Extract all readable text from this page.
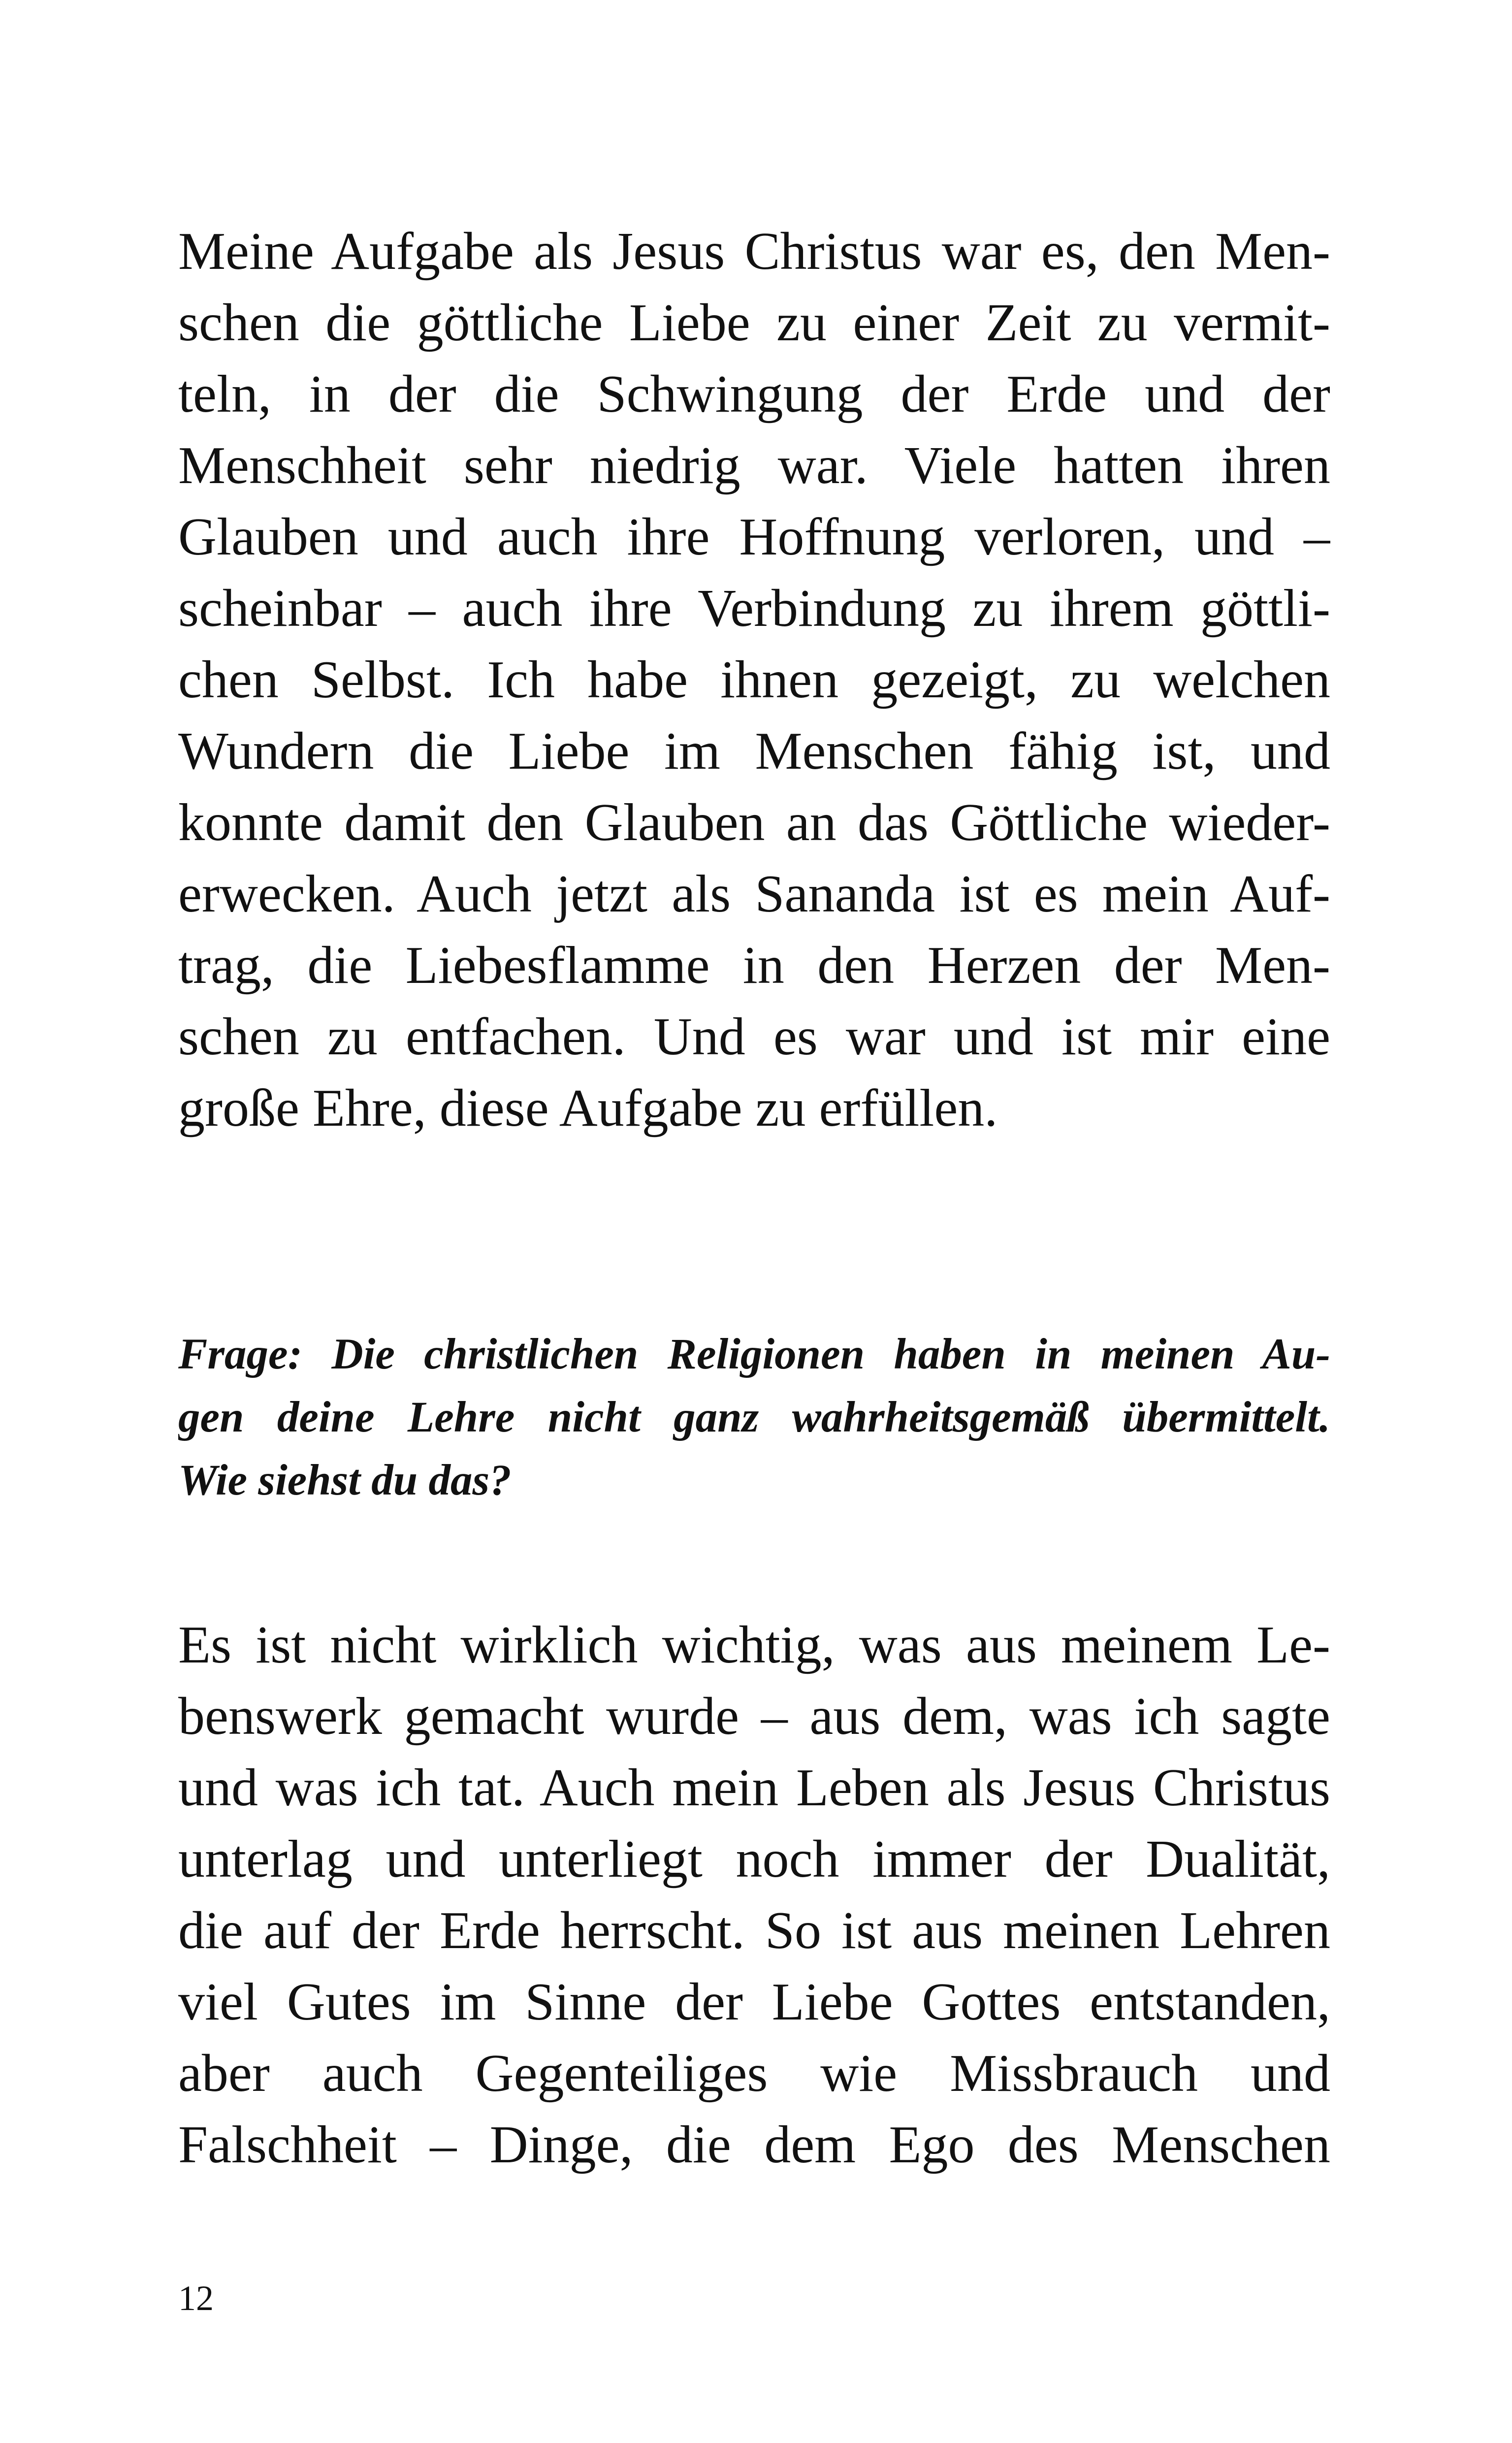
Meine Aufgabe als Jesus Christus war es, den Men-
schen die göttliche Liebe zu einer Zeit zu vermit-
teln, in der die Schwingung der Erde und der
Menschheit sehr niedrig war. Viele hatten ihren
Glauben und auch ihre Hoffnung verloren, und –
scheinbar – auch ihre Verbindung zu ihrem göttli-
chen Selbst. Ich habe ihnen gezeigt, zu welchen
Wundern die Liebe im Menschen fähig ist, und
konnte damit den Glauben an das Göttliche wieder-
erwecken. Auch jetzt als Sananda ist es mein Auf-
trag, die Liebesflamme in den Herzen der Men-
schen zu entfachen. Und es war und ist mir eine
große Ehre, diese Aufgabe zu erfüllen.
Frage: Die christlichen Religionen haben in meinen Au-
gen deine Lehre nicht ganz wahrheitsgemäß übermittelt.
Wie siehst du das?
Es ist nicht wirklich wichtig, was aus meinem Le-
benswerk gemacht wurde – aus dem, was ich sagte
und was ich tat. Auch mein Leben als Jesus Christus
unterlag und unterliegt noch immer der Dualität,
die auf der Erde herrscht. So ist aus meinen Lehren
viel Gutes im Sinne der Liebe Gottes entstanden,
aber auch Gegenteiliges wie Missbrauch und
Falschheit – Dinge, die dem Ego des Menschen
12
